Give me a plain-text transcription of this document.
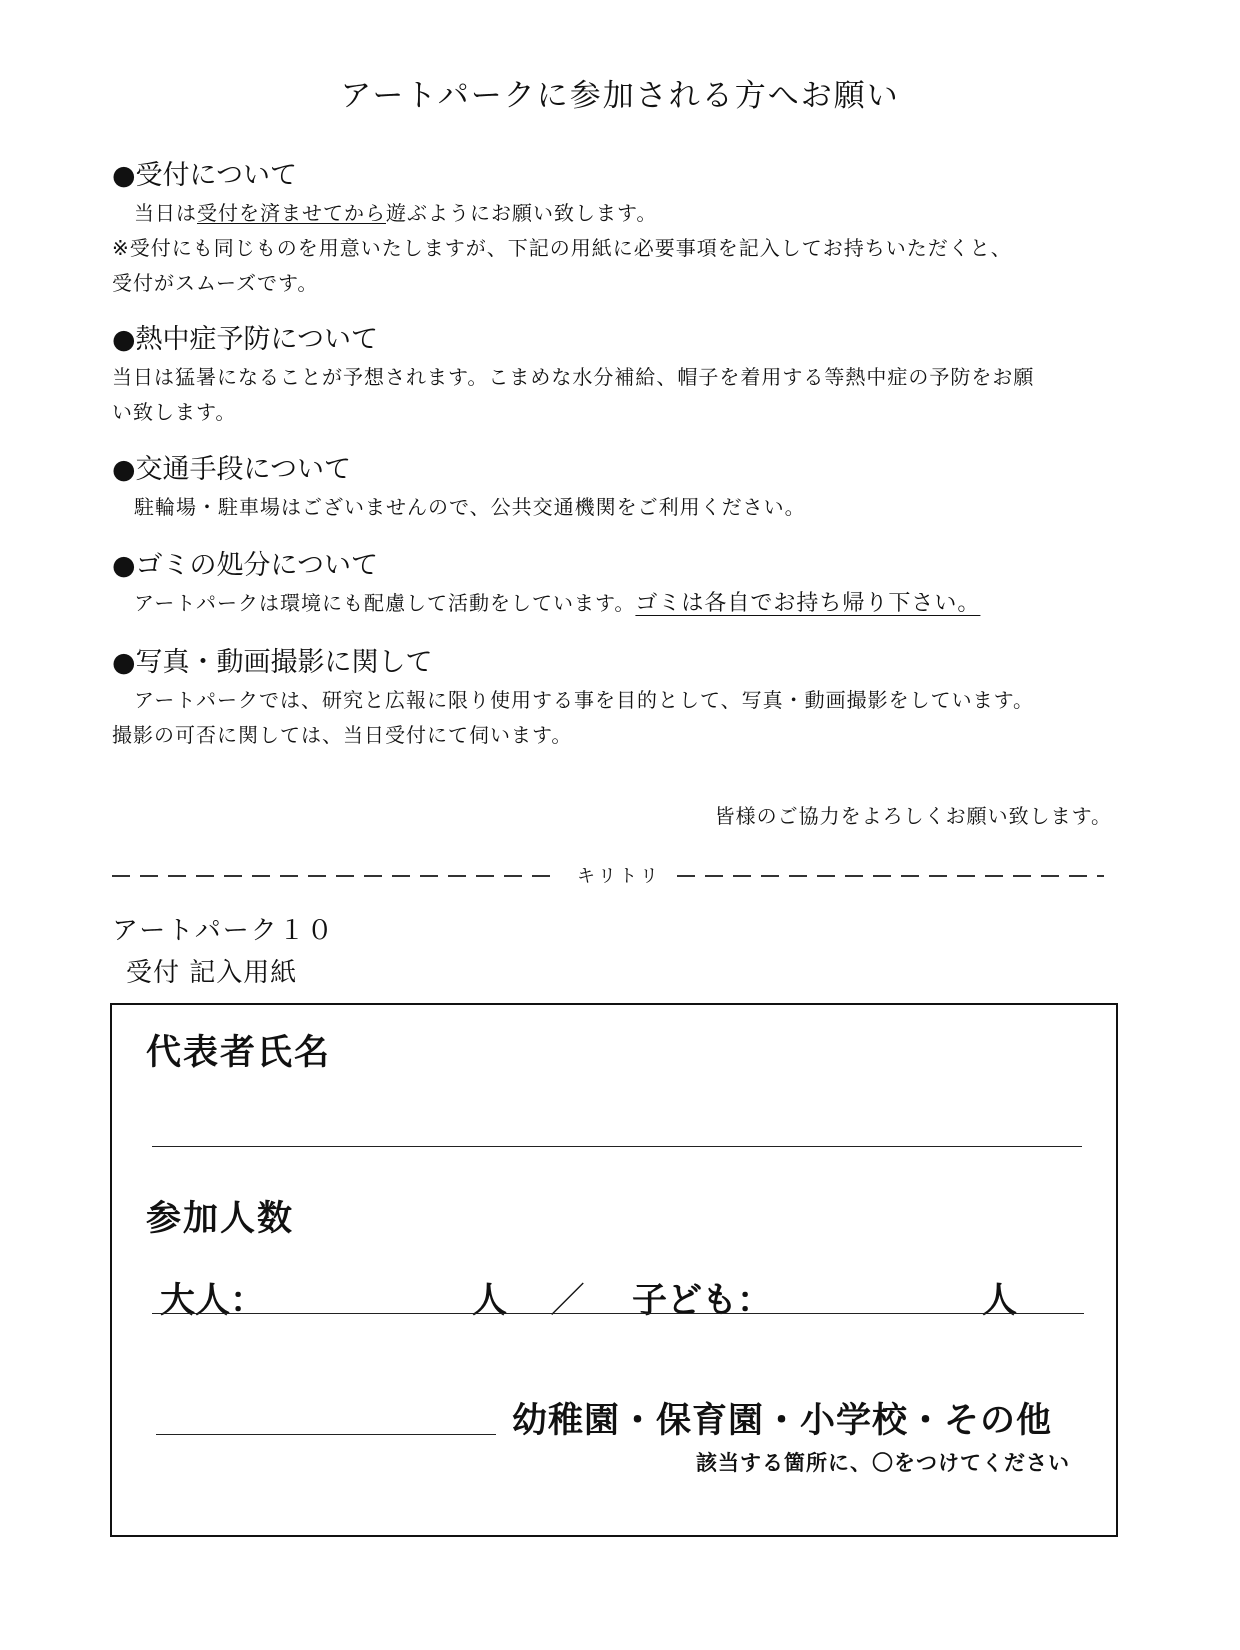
アートパークに参加される方へお願い

●受付について

当日は受付を済ませてから遊ぶようにお願い致します。

※受付にも同じものを用意いたしますが、下記の用紙に必要事項を記入してお持ちいただくと、

受付がスムーズです。

●熱中症予防について

当日は猛暑になることが予想されます。こまめな水分補給、帽子を着用する等熱中症の予防をお願

い致します。

●交通手段について

駐輪場・駐車場はございませんので、公共交通機関をご利用ください。

●ゴミの処分について

アートパークは環境にも配慮して活動をしています。ゴミは各自でお持ち帰り下さい。

●写真・動画撮影に関して

アートパークでは、研究と広報に限り使用する事を目的として、写真・動画撮影をしています。

撮影の可否に関しては、当日受付にて伺います。

皆様のご協力をよろしくお願い致します。
キリトリ
アートパーク１０
受付 記入用紙
代表者氏名
参加人数
大人：	人 ／ 子ども：	人
幼稚園・保育園・小学校・その他
該当する箇所に、〇をつけてください
